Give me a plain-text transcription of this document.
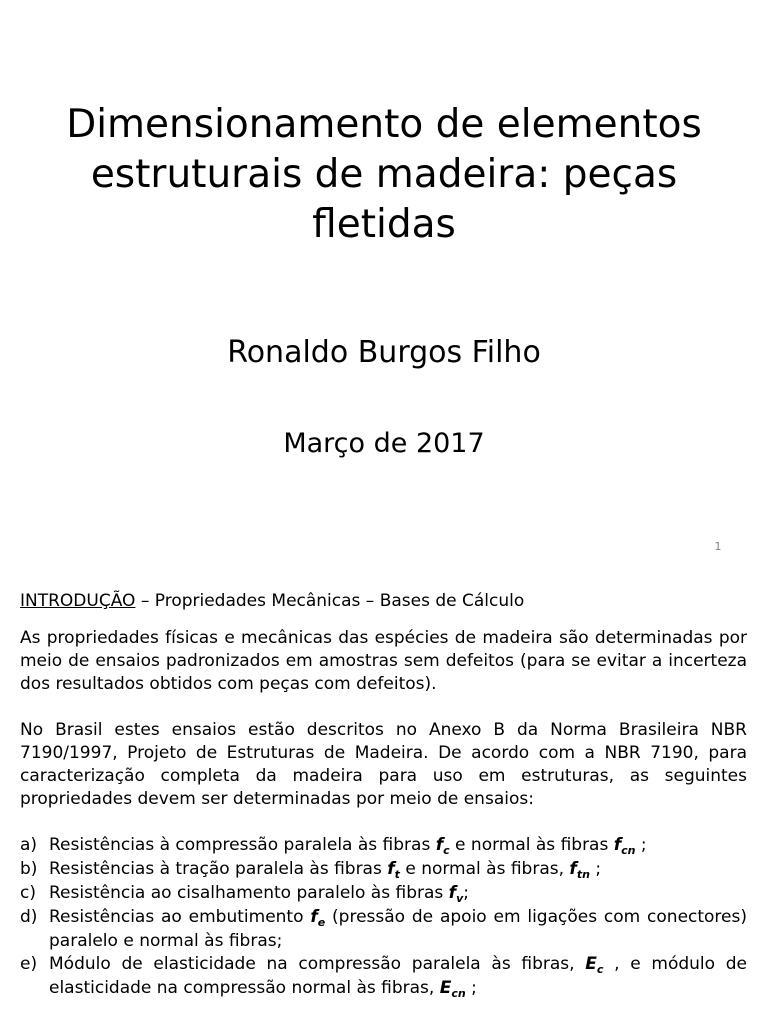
Dimensionamento de elementos
estruturais de madeira: peças
fletidas
Ronaldo Burgos Filho
Março de 2017
1

INTRODUÇÃO – Propriedades Mecânicas – Bases de Cálculo

As propriedades físicas e mecânicas das espécies de madeira são determinadas por meio de ensaios padronizados em amostras sem defeitos (para se evitar a incerteza dos resultados obtidos com peças com defeitos).

No Brasil estes ensaios estão descritos no Anexo B da Norma Brasileira NBR 7190/1997, Projeto de Estruturas de Madeira. De acordo com a NBR 7190, para caracterização completa da madeira para uso em estruturas, as seguintes propriedades devem ser determinadas por meio de ensaios:

a) Resistências à compressão paralela às fibras $f_c$ e normal às fibras $f_{cn}$ ;
b) Resistências à tração paralela às fibras $f_t$ e normal às fibras, $f_{tn}$ ;
c) Resistência ao cisalhamento paralelo às fibras $f_v$;
d) Resistências ao embutimento $f_e$ (pressão de apoio em ligações com conectores) paralelo e normal às fibras;
e) Módulo de elasticidade na compressão paralela às fibras, $E_c$ , e módulo de elasticidade na compressão normal às fibras, $E_{cn}$ ;
